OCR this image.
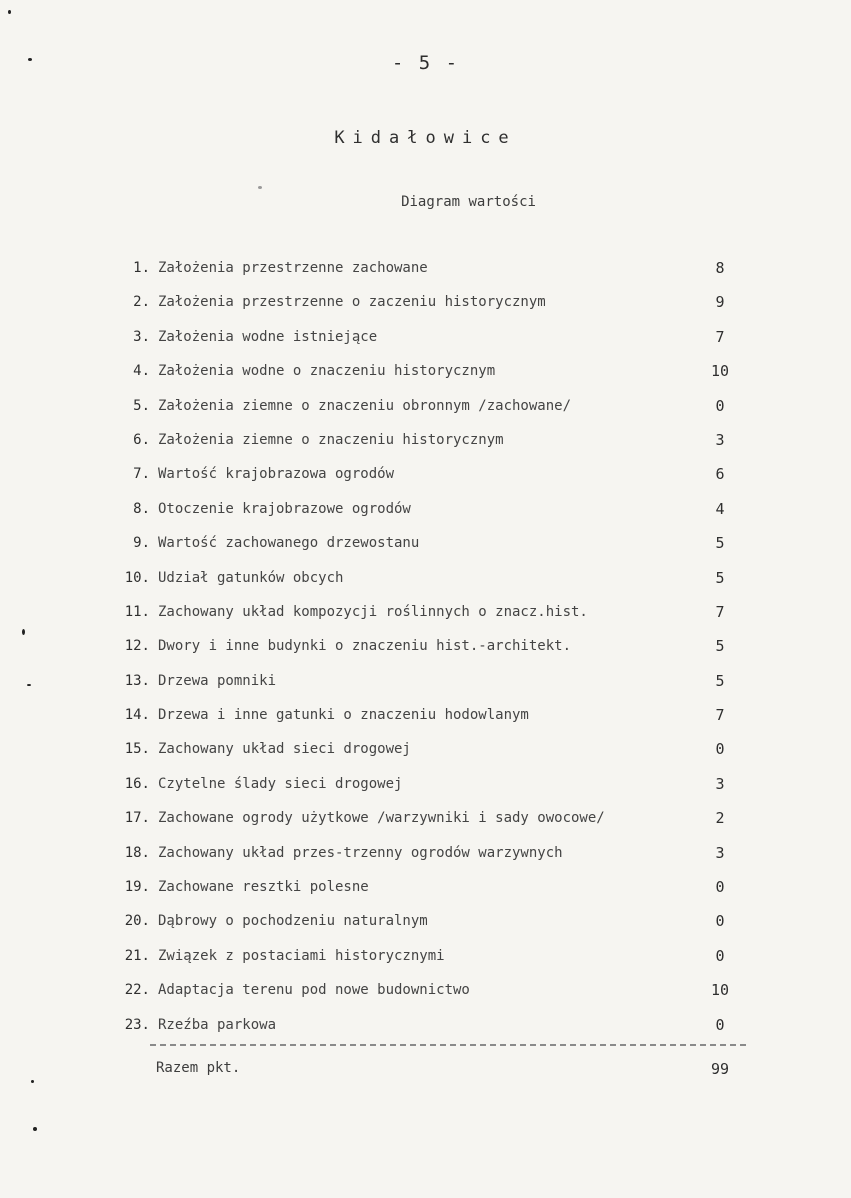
- 5 -
Kidałowice
Diagram wartości
1. Założenia przestrzenne zachowane	8
2. Założenia przestrzenne o zaczeniu historycznym	9
3. Założenia wodne istniejące	7
4. Założenia wodne o znaczeniu historycznym	10
5. Założenia ziemne o znaczeniu obronnym /zachowane/	0
6. Założenia ziemne o znaczeniu historycznym	3
7. Wartość krajobrazowa ogrodów	6
8. Otoczenie krajobrazowe ogrodów	4
9. Wartość zachowanego drzewostanu	5
10. Udział gatunków obcych	5
11. Zachowany układ kompozycji roślinnych o znacz.hist.	7
12. Dwory i inne budynki o znaczeniu hist.-architekt.	5
13. Drzewa pomniki	5
14. Drzewa i inne gatunki o znaczeniu hodowlanym	7
15. Zachowany układ sieci drogowej	0
16. Czytelne ślady sieci drogowej	3
17. Zachowane ogrody użytkowe /warzywniki i sady owocowe/	2
18. Zachowany układ przes-trzenny ogrodów warzywnych	3
19. Zachowane resztki polesne	0
20. Dąbrowy o pochodzeniu naturalnym	0
21. Związek z postaciami historycznymi	0
22. Adaptacja terenu pod nowe budownictwo	10
23. Rzeźba parkowa	0
Razem pkt.	99
